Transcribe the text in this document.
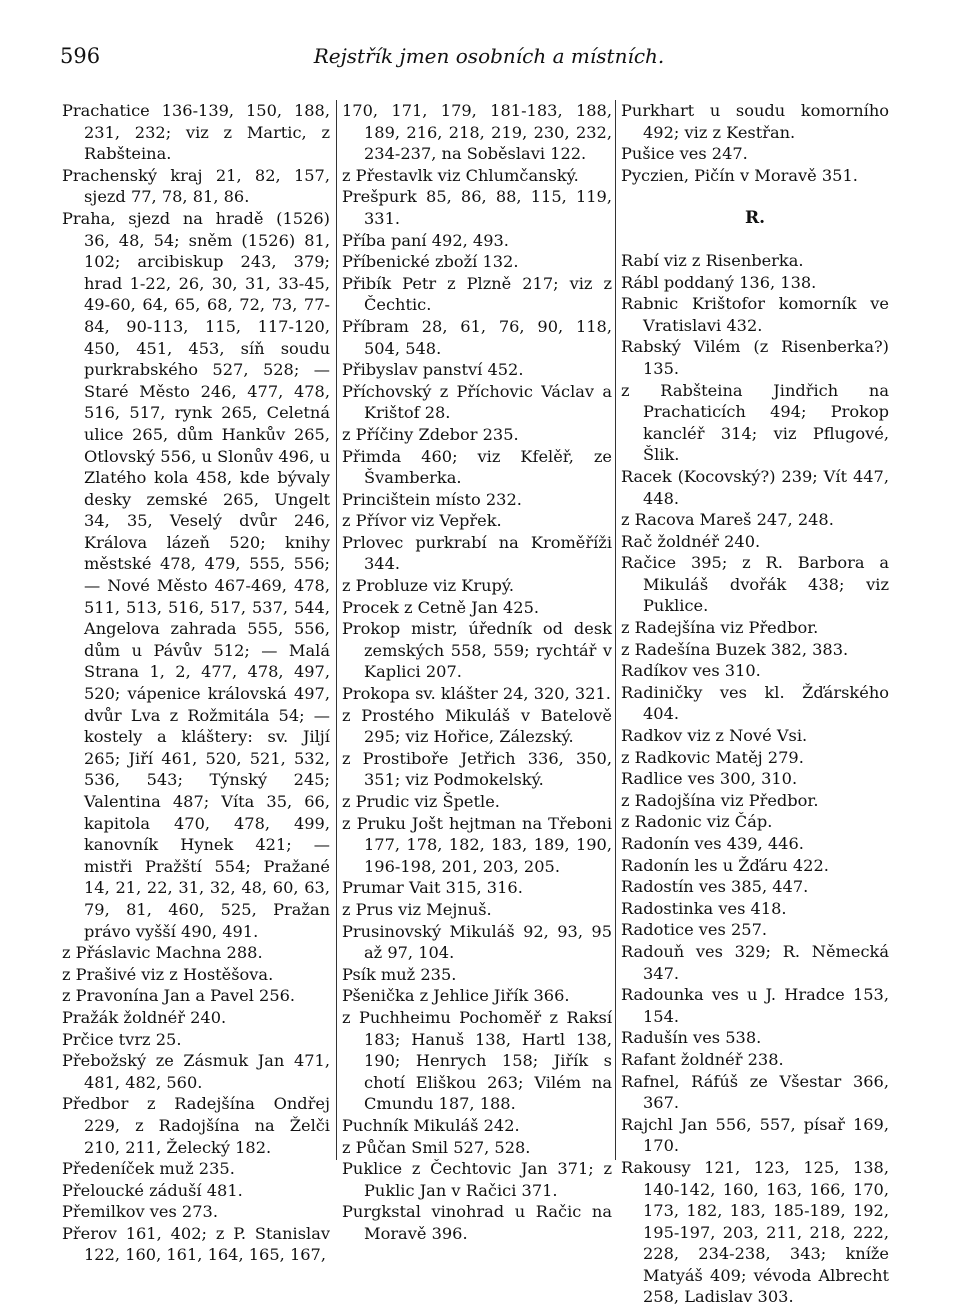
596	Rejstřík jmen osobních a místních.

Prachatice 136-139, 150, 188, 231, 232; viz z Martic, z Rabšteina.

Prachenský kraj 21, 82, 157, sjezd 77, 78, 81, 86.

Praha, sjezd na hradě (1526) 36, 48, 54; sněm (1526) 81, 102; arcibiskup 243, 379; hrad 1-22, 26, 30, 31, 33-45, 49-60, 64, 65, 68, 72, 73, 77-84, 90-113, 115, 117-120, 450, 451, 453, síň soudu purkrabského 527, 528; — Staré Město 246, 477, 478, 516, 517, rynk 265, Celetná ulice 265, dům Hankův 265, Otlovský 556, u Slonův 496, u Zlatého kola 458, kde bývaly desky zemské 265, Ungelt 34, 35, Veselý dvůr 246, Králova lázeň 520; knihy městské 478, 479, 555, 556; — Nové Město 467-469, 478, 511, 513, 516, 517, 537, 544, Angelova zahrada 555, 556, dům u Pávův 512; — Malá Strana 1, 2, 477, 478, 497, 520; vápenice královská 497, dvůr Lva z Rožmitála 54; — kostely a kláštery: sv. Jiljí 265; Jiří 461, 520, 521, 532, 536, 543; Týnský 245; Valentina 487; Víta 35, 66, kapitola 470, 478, 499, kanovník Hynek 421; — mistři Pražští 554; Pražané 14, 21, 22, 31, 32, 48, 60, 63, 79, 81, 460, 525, Pražan právo vyšší 490, 491.

z Přáslavic Machna 288.

z Prašivé viz z Hostěšova.

z Pravonína Jan a Pavel 256.

Pražák žoldnéř 240.

Prčice tvrz 25.

Přebožský ze Zásmuk Jan 471, 481, 482, 560.

Předbor z Radejšína Ondřej 229, z Radojšína na Želči 210, 211, Želecký 182.

Předeníček muž 235.

Přeloucké záduší 481.

Přemilkov ves 273.

Přerov 161, 402; z P. Stanislav 122, 160, 161, 164, 165, 167,

170, 171, 179, 181-183, 188, 189, 216, 218, 219, 230, 232, 234-237, na Soběslavi 122.

z Přestavlk viz Chlumčanský.

Prešpurk 85, 86, 88, 115, 119, 331.

Příba paní 492, 493.

Příbenické zboží 132.

Přibík Petr z Plzně 217; viz z Čechtic.

Příbram 28, 61, 76, 90, 118, 504, 548.

Přibyslav panství 452.

Příchovský z Příchovic Václav a Krištof 28.

z Příčiny Zdebor 235.

Přimda 460; viz Kfelěř, ze Švamberka.

Princištein místo 232.

z Přívor viz Vepřek.

Prlovec purkrabí na Kroměříži 344.

z Probluze viz Krupý.

Procek z Cetně Jan 425.

Prokop mistr, úředník od desk zemských 558, 559; rychtář v Kaplici 207.

Prokopa sv. klášter 24, 320, 321.

z Prostého Mikuláš v Batelově 295; viz Hořice, Zálezský.

z Prostiboře Jetřich 336, 350, 351; viz Podmokelský.

z Prudic viz Špetle.

z Pruku Jošt hejtman na Třeboni 177, 178, 182, 183, 189, 190, 196-198, 201, 203, 205.

Prumar Vait 315, 316.

z Prus viz Mejnuš.

Prusinovský Mikuláš 92, 93, 95 až 97, 104.

Psík muž 235.

Pšenička z Jehlice Jiřík 366.

z Puchheimu Pochoměř z Raksí 183; Hanuš 138, Hartl 138, 190; Henrych 158; Jiřík s chotí Eliškou 263; Vilém na Cmundu 187, 188.

Puchník Mikuláš 242.

z Půčan Smil 527, 528.

Puklice z Čechtovic Jan 371; z Puklic Jan v Račici 371.

Purgkstal vinohrad u Račic na Moravě 396.

Purkhart u soudu komorního 492; viz z Kestřan.

Pušice ves 247.

Pyczien, Pičín v Moravě 351.

R.

Rabí viz z Risenberka.

Rábl poddaný 136, 138.

Rabnic Krištofor komorník ve Vratislavi 432.

Rabský Vilém (z Risenberka?) 135.

z Rabšteina Jindřich na Prachaticích 494; Prokop kancléř 314; viz Pflugové, Šlik.

Racek (Kocovský?) 239; Vít 447, 448.

z Racova Mareš 247, 248.

Rač žoldnéř 240.

Račice 395; z R. Barbora a Mikuláš dvořák 438; viz Puklice.

z Radejšína viz Předbor.

z Radešína Buzek 382, 383.

Radíkov ves 310.

Radiničky ves kl. Žďárského 404.

Radkov viz z Nové Vsi.

z Radkovic Matěj 279.

Radlice ves 300, 310.

z Radojšína viz Předbor.

z Radonic viz Čáp.

Radonín ves 439, 446.

Radonín les u Žďáru 422.

Radostín ves 385, 447.

Radostinka ves 418.

Radotice ves 257.

Radouň ves 329; R. Německá 347.

Radounka ves u J. Hradce 153, 154.

Radušín ves 538.

Rafant žoldnéř 238.

Rafnel, Ráfúš ze Všestar 366, 367.

Rajchl Jan 556, 557, písař 169, 170.

Rakousy 121, 123, 125, 138, 140-142, 160, 163, 166, 170, 173, 182, 183, 185-189, 192, 195-197, 203, 211, 218, 222, 228, 234-238, 343; kníže Matyáš 409; vévoda Albrecht 258, Ladislav 303.
